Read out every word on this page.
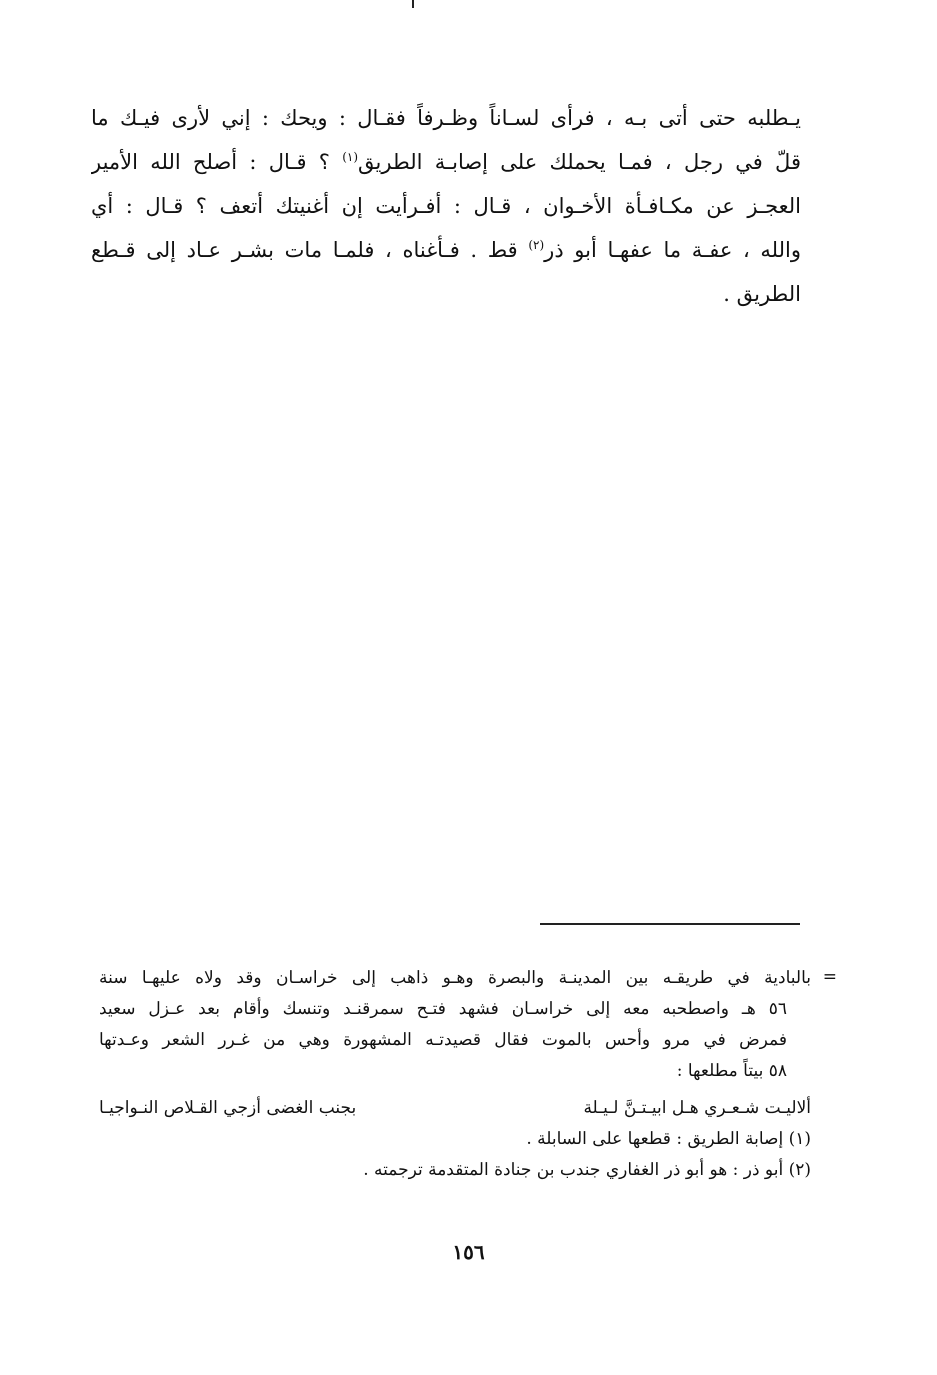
يـطلبه حتى أتى بـه ، فرأى لسـاناً وظـرفاً فقـال : ويحك : إني لأرى فيـك ما
قلّ في رجل ، فمـا يحملك على إصابـة الطريق$^{(١)}$ ؟ قـال : أصلح الله الأمير
العجـز عن مكـافـأة الأخـوان ، قـال : أفـرأيت إن أغنيتك أتعف ؟ قـال : أي
والله ، عفـة ما عفهـا أبو ذر$^{(٢)}$ قط . فـأغناه ، فلمـا مات بشـر عـاد إلى قـطع
الطريق .
=
بالبادية في طريقـه بين المدينـة والبصرة وهـو ذاهب إلى خراسـان وقد ولاه عليهـا سنة
٥٦ هـ واصطحبه معه إلى خراسـان فشهد فتـح سمرقنـد وتنسك وأقام بعد عـزل سعيد
فمرض في مرو وأحس بالموت فقال قصيدتـه المشهورة وهي من غـرر الشعر وعـدتها
٥٨ بيتاً مطلعها :
ألاليـت شـعـري هـل ابيـتـنَّ لـيـلة
بجنب الغضى أزجي القـلاص النـواجيـا
(١) إصابة الطريق : قطعها على السابلة .
(٢) أبو ذر : هو أبو ذر الغفاري جندب بن جنادة المتقدمة ترجمته .
١٥٦
